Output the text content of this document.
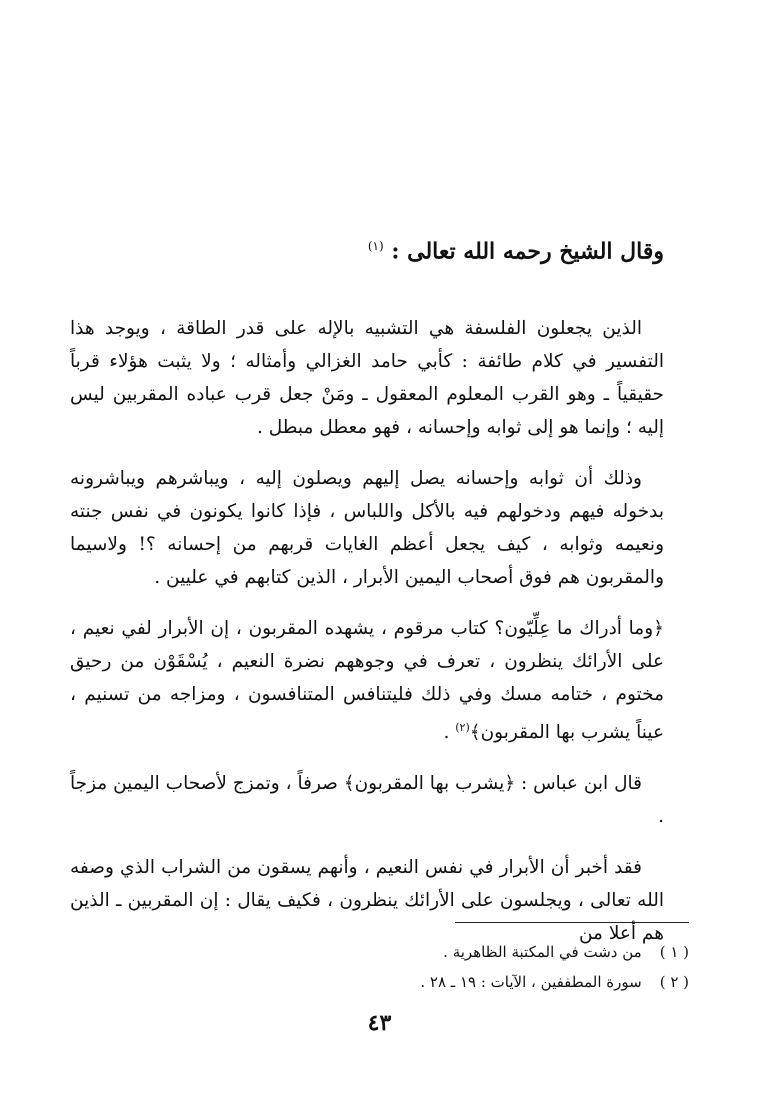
وقال الشيخ رحمه الله تعالى : $^{(١)}$

الذين يجعلون الفلسفة هي التشبيه بالإله على قدر الطاقة ، ويوجد هذا التفسير في كلام طائفة : كأبي حامد الغزالي وأمثاله ؛ ولا يثبت هؤلاء قرباً حقيقياً ـ وهو القرب المعلوم المعقول ـ ومَنْ جعل قرب عباده المقربين ليس إليه ؛ وإنما هو إلى ثوابه وإحسانه ، فهو معطل مبطل .

وذلك أن ثوابه وإحسانه يصل إليهم ويصلون إليه ، ويباشرهم ويباشرونه بدخوله فيهم ودخولهم فيه بالأكل واللباس ، فإذا كانوا يكونون في نفس جنته ونعيمه وثوابه ، كيف يجعل أعظم الغايات قربهم من إحسانه ؟! ولاسيما والمقربون هم فوق أصحاب اليمين الأبرار ، الذين كتابهم في عليين .

﴿وما أدراك ما عِلِّيّون؟ كتاب مرقوم ، يشهده المقربون ، إن الأبرار لفي نعيم ، على الأرائك ينظرون ، تعرف في وجوههم نضرة النعيم ، يُسْقَوْن من رحيق مختوم ، ختامه مسك وفي ذلك فليتنافس المتنافسون ، ومزاجه من تسنيم ، عيناً يشرب بها المقربون﴾$^{(٢)}$ .

قال ابن عباس : ﴿يشرب بها المقربون﴾ صرفاً ، وتمزج لأصحاب اليمين مزجاً .

فقد أخبر أن الأبرار في نفس النعيم ، وأنهم يسقون من الشراب الذي وصفه الله تعالى ، ويجلسون على الأرائك ينظرون ، فكيف يقال : إن المقربين ـ الذين هم أعلا من

( ١ )
من دشت في المكتبة الظاهرية .
( ٢ )
سورة المطففين ، الآيات : ١٩ ـ ٢٨ .
٤٣
